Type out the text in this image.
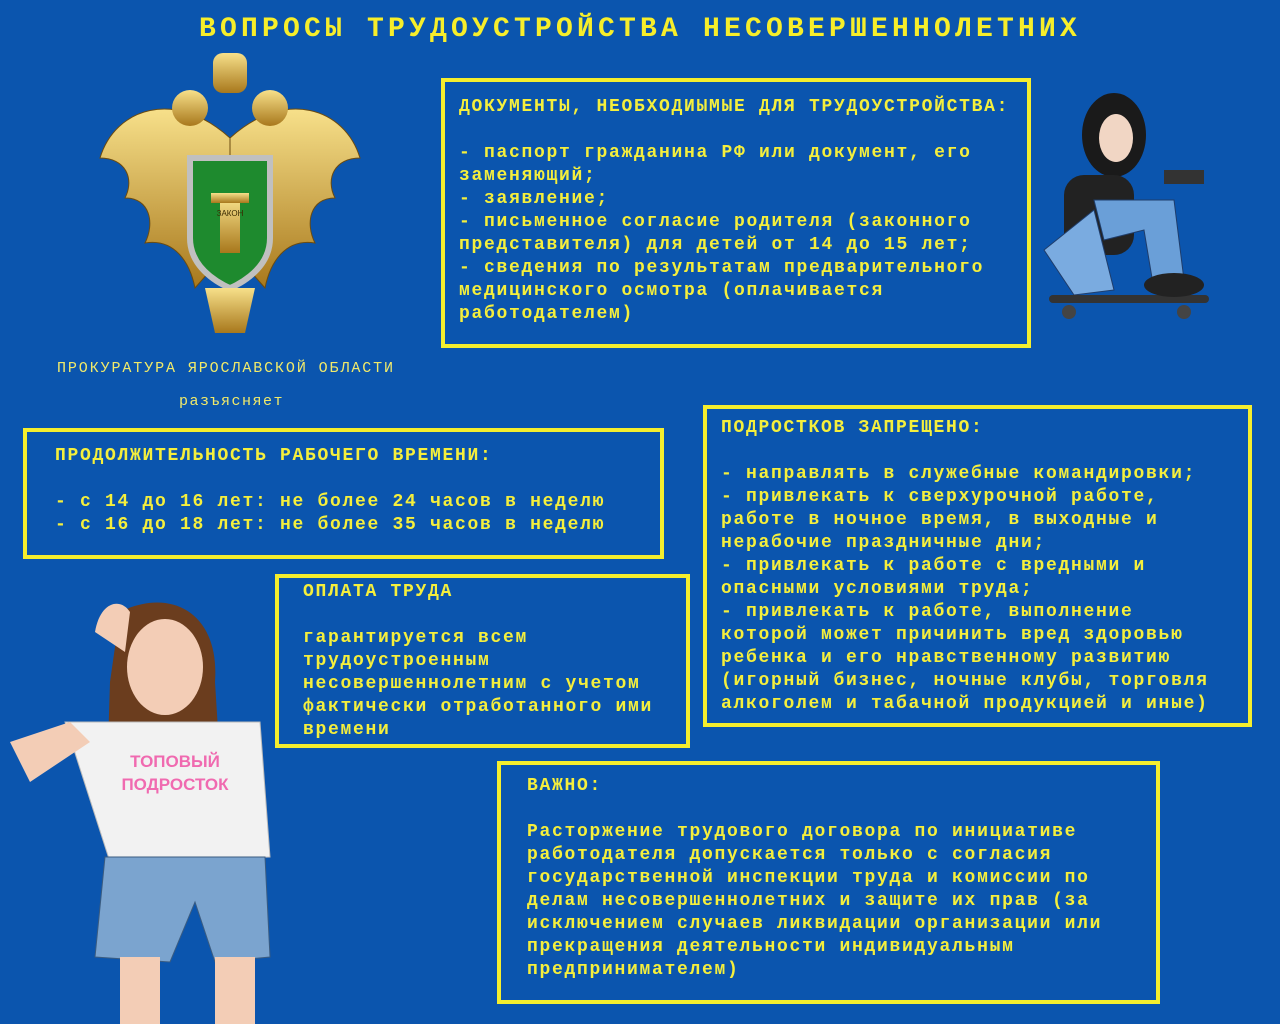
ВОПРОСЫ ТРУДОУСТРОЙСТВА НЕСОВЕРШЕННОЛЕТНИХ
ЗАКОН
ПРОКУРАТУРА ЯРОСЛАВСКОЙ ОБЛАСТИ
разъясняет
ДОКУМЕНТЫ, НЕОБХОДИЫМЫЕ ДЛЯ ТРУДОУСТРОЙСТВА:
- паспорт гражданина РФ или документ, его
заменяющий;
- заявление;
- письменное согласие родителя (законного
представителя) для детей от 14 до 15 лет;
- сведения по результатам предварительного
медицинского осмотра (оплачивается
работодателем)
ПРОДОЛЖИТЕЛЬНОСТЬ РАБОЧЕГО ВРЕМЕНИ:
- с 14 до 16 лет: не более 24 часов в неделю
- с 16 до 18 лет: не более 35 часов в неделю
ПОДРОСТКОВ ЗАПРЕЩЕНО:
- направлять в служебные командировки;
- привлекать к сверхурочной работе,
работе в ночное время, в выходные и
нерабочие праздничные дни;
- привлекать к работе с вредными и
опасными условиями труда;
- привлекать к работе, выполнение
которой может причинить вред здоровью
ребенка и его нравственному развитию
(игорный бизнес, ночные клубы, торговля
алкоголем и табачной продукцией и иные)
ОПЛАТА ТРУДА
гарантируется всем
трудоустроенным
несовершеннолетним с учетом
фактически отработанного ими
времени
ТОПОВЫЙ
ПОДРОСТОК	ВАЖНО:
Расторжение трудового договора по инициативе
работодателя допускается только с согласия
государственной инспекции труда и комиссии по
делам несовершеннолетних и защите их прав (за
исключением случаев ликвидации организации или
прекращения деятельности индивидуальным
предпринимателем)
